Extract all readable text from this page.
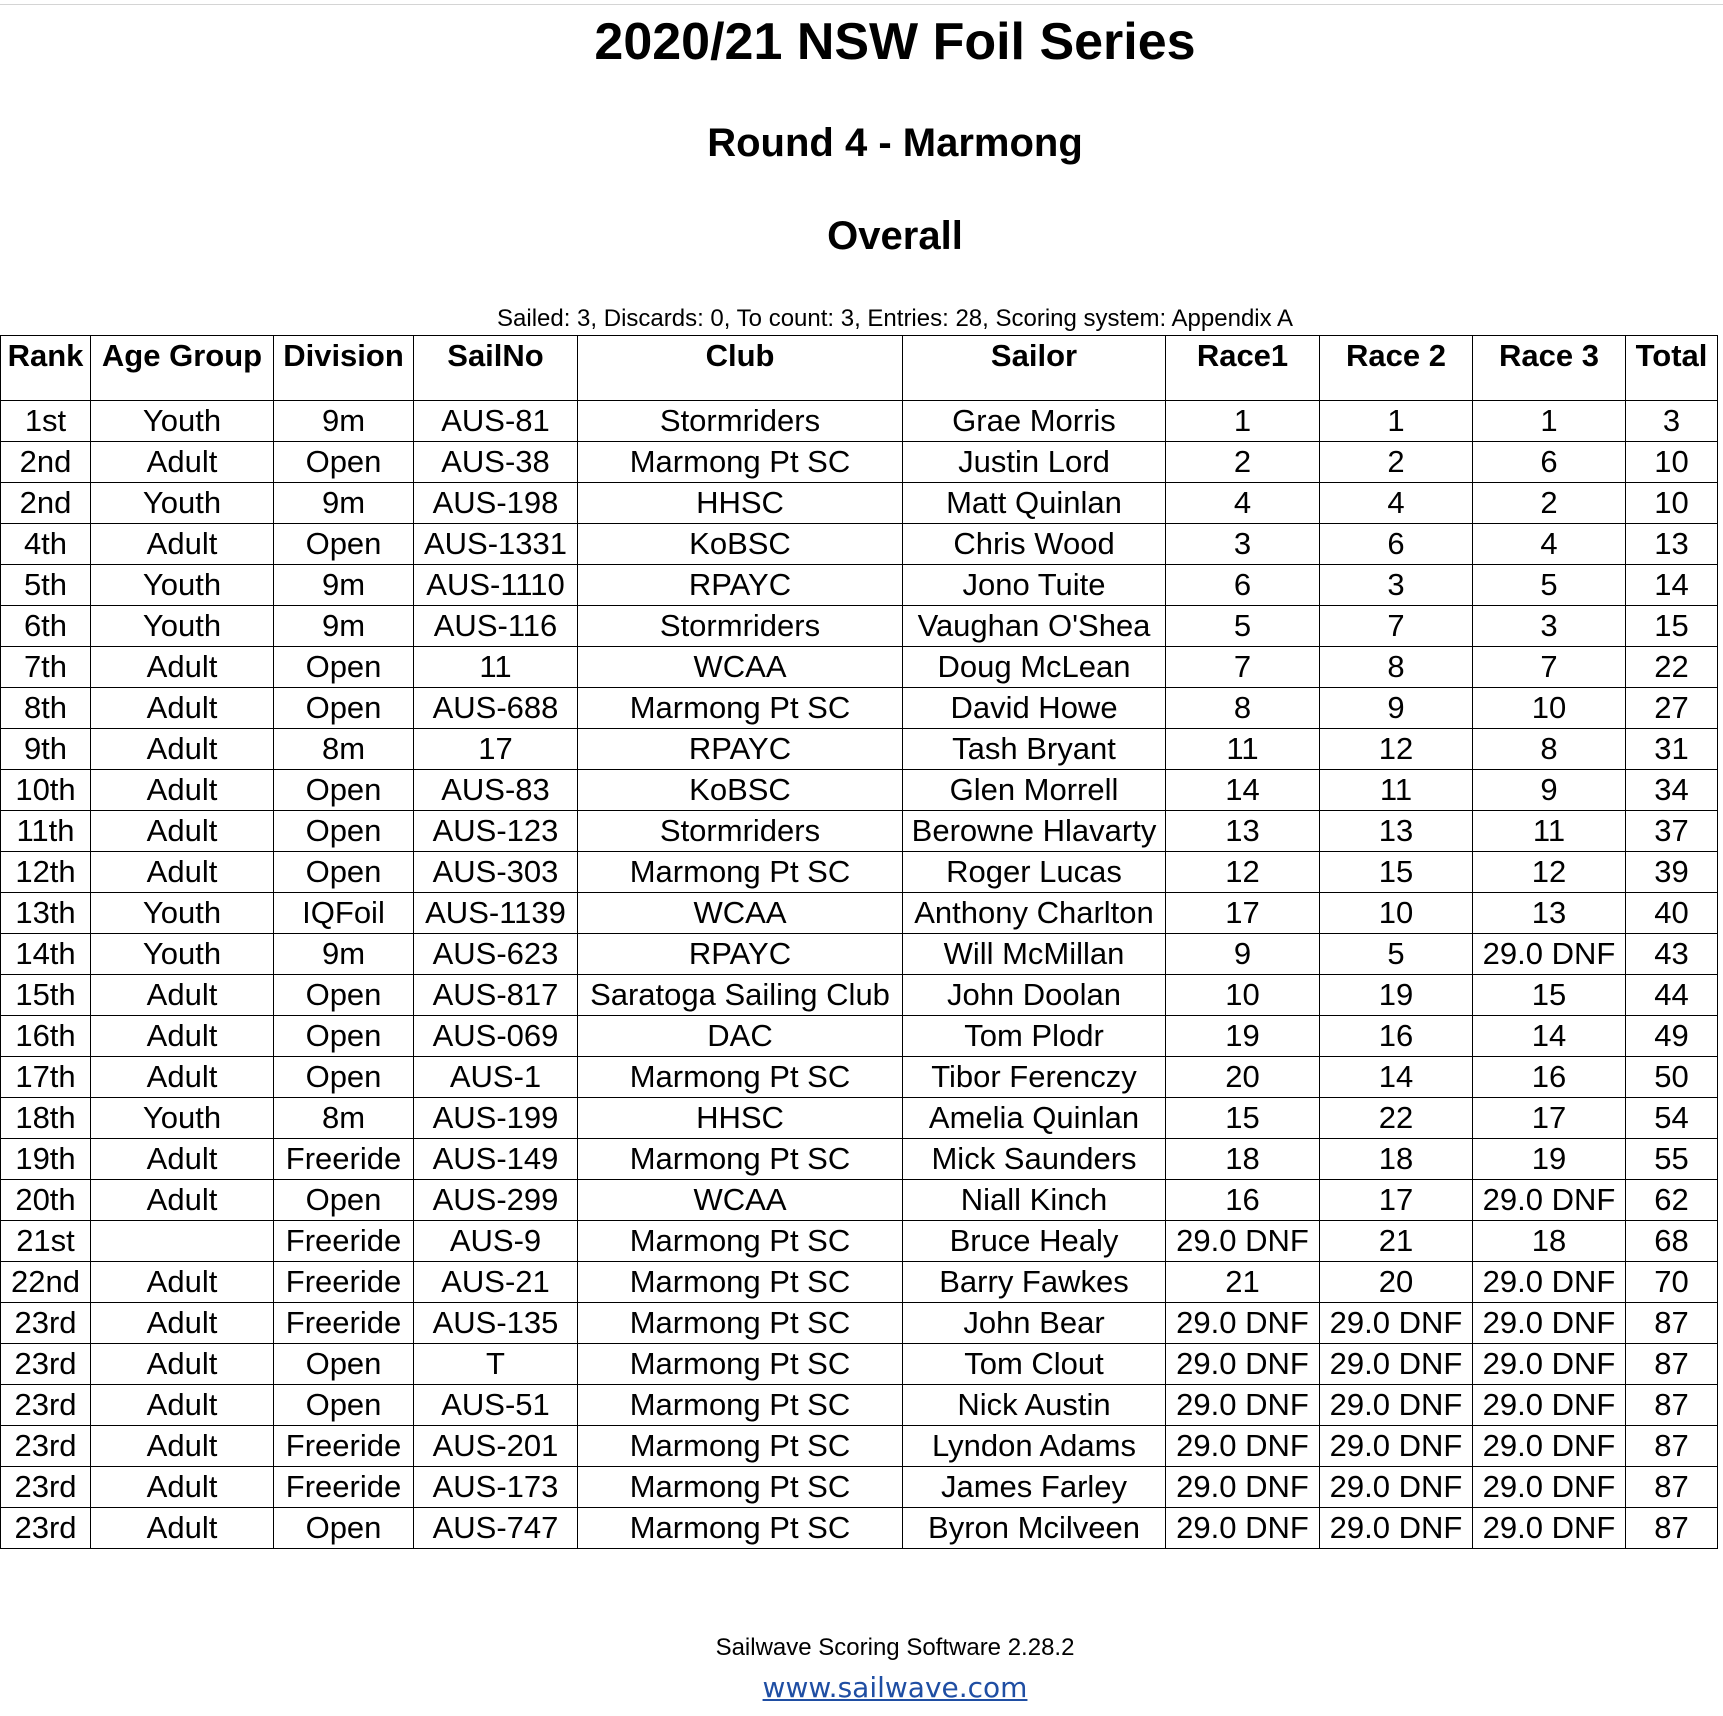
2020/21 NSW Foil Series
Round 4 - Marmong
Overall
Sailed: 3, Discards: 0, To count: 3, Entries: 28, Scoring system: Appendix A
Rank	Age Group	Division	SailNo	Club	Sailor	Race1	Race 2	Race 3	Total
1st	Youth	9m	AUS-81	Stormriders	Grae Morris	1	1	1	3
2nd	Adult	Open	AUS-38	Marmong Pt SC	Justin Lord	2	2	6	10
2nd	Youth	9m	AUS-198	HHSC	Matt Quinlan	4	4	2	10
4th	Adult	Open	AUS-1331	KoBSC	Chris Wood	3	6	4	13
5th	Youth	9m	AUS-1110	RPAYC	Jono Tuite	6	3	5	14
6th	Youth	9m	AUS-116	Stormriders	Vaughan O'Shea	5	7	3	15
7th	Adult	Open	11	WCAA	Doug McLean	7	8	7	22
8th	Adult	Open	AUS-688	Marmong Pt SC	David Howe	8	9	10	27
9th	Adult	8m	17	RPAYC	Tash Bryant	11	12	8	31
10th	Adult	Open	AUS-83	KoBSC	Glen Morrell	14	11	9	34
11th	Adult	Open	AUS-123	Stormriders	Berowne Hlavarty	13	13	11	37
12th	Adult	Open	AUS-303	Marmong Pt SC	Roger Lucas	12	15	12	39
13th	Youth	IQFoil	AUS-1139	WCAA	Anthony Charlton	17	10	13	40
14th	Youth	9m	AUS-623	RPAYC	Will McMillan	9	5	29.0 DNF	43
15th	Adult	Open	AUS-817	Saratoga Sailing Club	John Doolan	10	19	15	44
16th	Adult	Open	AUS-069	DAC	Tom Plodr	19	16	14	49
17th	Adult	Open	AUS-1	Marmong Pt SC	Tibor Ferenczy	20	14	16	50
18th	Youth	8m	AUS-199	HHSC	Amelia Quinlan	15	22	17	54
19th	Adult	Freeride	AUS-149	Marmong Pt SC	Mick Saunders	18	18	19	55
20th	Adult	Open	AUS-299	WCAA	Niall Kinch	16	17	29.0 DNF	62
21st		Freeride	AUS-9	Marmong Pt SC	Bruce Healy	29.0 DNF	21	18	68
22nd	Adult	Freeride	AUS-21	Marmong Pt SC	Barry Fawkes	21	20	29.0 DNF	70
23rd	Adult	Freeride	AUS-135	Marmong Pt SC	John Bear	29.0 DNF	29.0 DNF	29.0 DNF	87
23rd	Adult	Open	T	Marmong Pt SC	Tom Clout	29.0 DNF	29.0 DNF	29.0 DNF	87
23rd	Adult	Open	AUS-51	Marmong Pt SC	Nick Austin	29.0 DNF	29.0 DNF	29.0 DNF	87
23rd	Adult	Freeride	AUS-201	Marmong Pt SC	Lyndon Adams	29.0 DNF	29.0 DNF	29.0 DNF	87
23rd	Adult	Freeride	AUS-173	Marmong Pt SC	James Farley	29.0 DNF	29.0 DNF	29.0 DNF	87
23rd	Adult	Open	AUS-747	Marmong Pt SC	Byron Mcilveen	29.0 DNF	29.0 DNF	29.0 DNF	87
Sailwave Scoring Software 2.28.2
www.sailwave.com
